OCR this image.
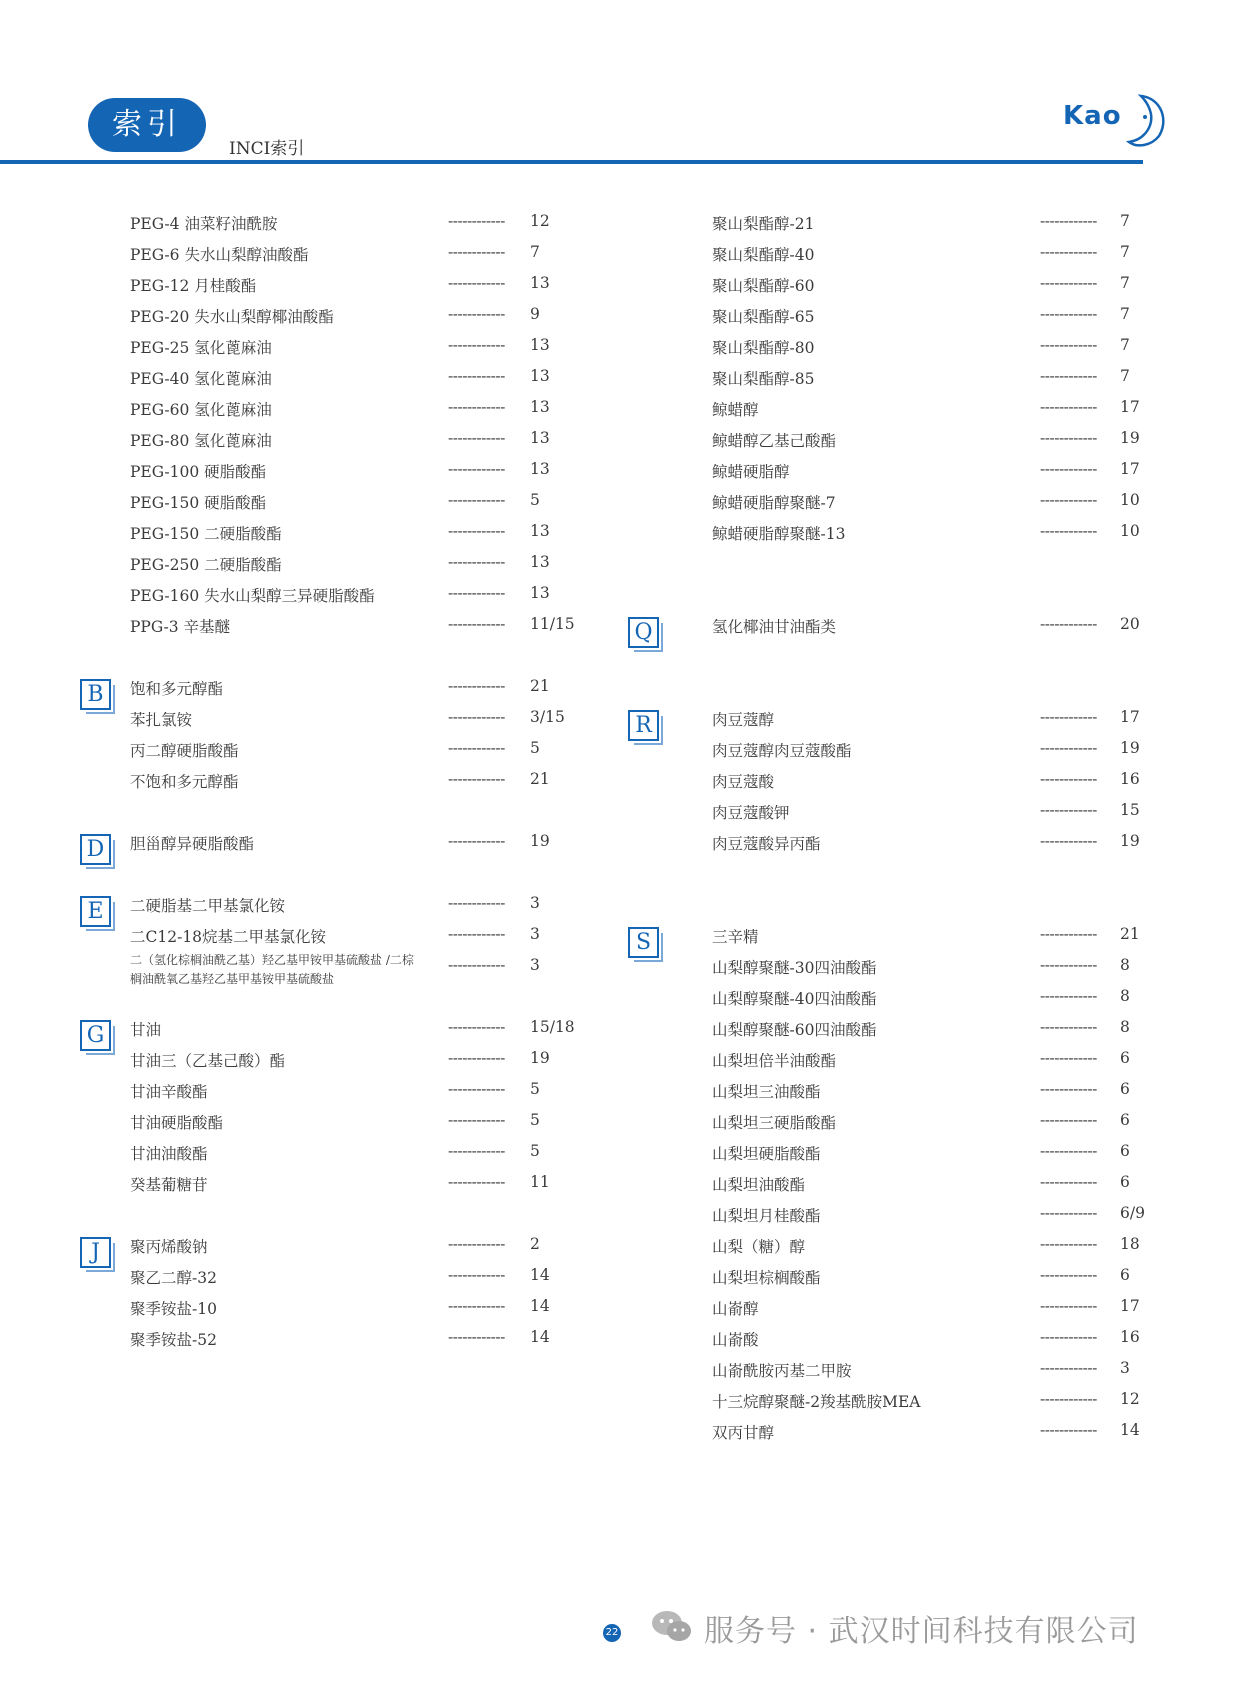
索引
INCI索引
Kao
PEG-4 油菜籽油酰胺	------------ 12
PEG-6 失水山梨醇油酸酯	------------ 7
PEG-12 月桂酸酯	------------ 13
PEG-20 失水山梨醇椰油酸酯	------------ 9
PEG-25 氢化蓖麻油	------------ 13
PEG-40 氢化蓖麻油	------------ 13
PEG-60 氢化蓖麻油	------------ 13
PEG-80 氢化蓖麻油	------------ 13
PEG-100 硬脂酸酯	------------ 13
PEG-150 硬脂酸酯	------------ 5
PEG-150 二硬脂酸酯	------------ 13
PEG-250 二硬脂酸酯	------------ 13
PEG-160 失水山梨醇三异硬脂酸酯	------------ 13
PPG-3 辛基醚	------------ 11/15
B	饱和多元醇酯	------------ 21
苯扎氯铵	------------ 3/15
丙二醇硬脂酸酯	------------ 5
不饱和多元醇酯	------------ 21
D	胆甾醇异硬脂酸酯	------------ 19
E	二硬脂基二甲基氯化铵	------------ 3
二C12-18烷基二甲基氯化铵	------------ 3
二（氢化棕榈油酰乙基）羟乙基甲铵甲基硫酸盐 /二棕榈油酰氧乙基羟乙基甲基铵甲基硫酸盐
------------ 3
G	甘油	------------ 15/18
甘油三（乙基己酸）酯	------------ 19
甘油辛酸酯	------------ 5
甘油硬脂酸酯	------------ 5
甘油油酸酯	------------ 5
癸基葡糖苷	------------ 11
J	聚丙烯酸钠	------------ 2
聚乙二醇-32	------------ 14
聚季铵盐-10	------------ 14
聚季铵盐-52	------------ 14
聚山梨酯醇-21	------------ 7
聚山梨酯醇-40	------------ 7
聚山梨酯醇-60	------------ 7
聚山梨酯醇-65	------------ 7
聚山梨酯醇-80	------------ 7
聚山梨酯醇-85	------------ 7
鲸蜡醇	------------ 17
鲸蜡醇乙基己酸酯	------------ 19
鲸蜡硬脂醇	------------ 17
鲸蜡硬脂醇聚醚-7	------------ 10
鲸蜡硬脂醇聚醚-13	------------ 10
Q	氢化椰油甘油酯类	------------ 20
R	肉豆蔻醇	------------ 17
肉豆蔻醇肉豆蔻酸酯	------------ 19
肉豆蔻酸	------------ 16
肉豆蔻酸钾	------------ 15
肉豆蔻酸异丙酯	------------ 19
S	三辛精	------------ 21
山梨醇聚醚-30四油酸酯	------------ 8
山梨醇聚醚-40四油酸酯	------------ 8
山梨醇聚醚-60四油酸酯	------------ 8
山梨坦倍半油酸酯	------------ 6
山梨坦三油酸酯	------------ 6
山梨坦三硬脂酸酯	------------ 6
山梨坦硬脂酸酯	------------ 6
山梨坦油酸酯	------------ 6
山梨坦月桂酸酯	------------ 6/9
山梨（糖）醇	------------ 18
山梨坦棕榈酸酯	------------ 6
山嵛醇	------------ 17
山嵛酸	------------ 16
山嵛酰胺丙基二甲胺	------------ 3
十三烷醇聚醚-2羧基酰胺MEA	------------ 12
双丙甘醇	------------ 14
22	服务号 · 武汉时间科技有限公司
